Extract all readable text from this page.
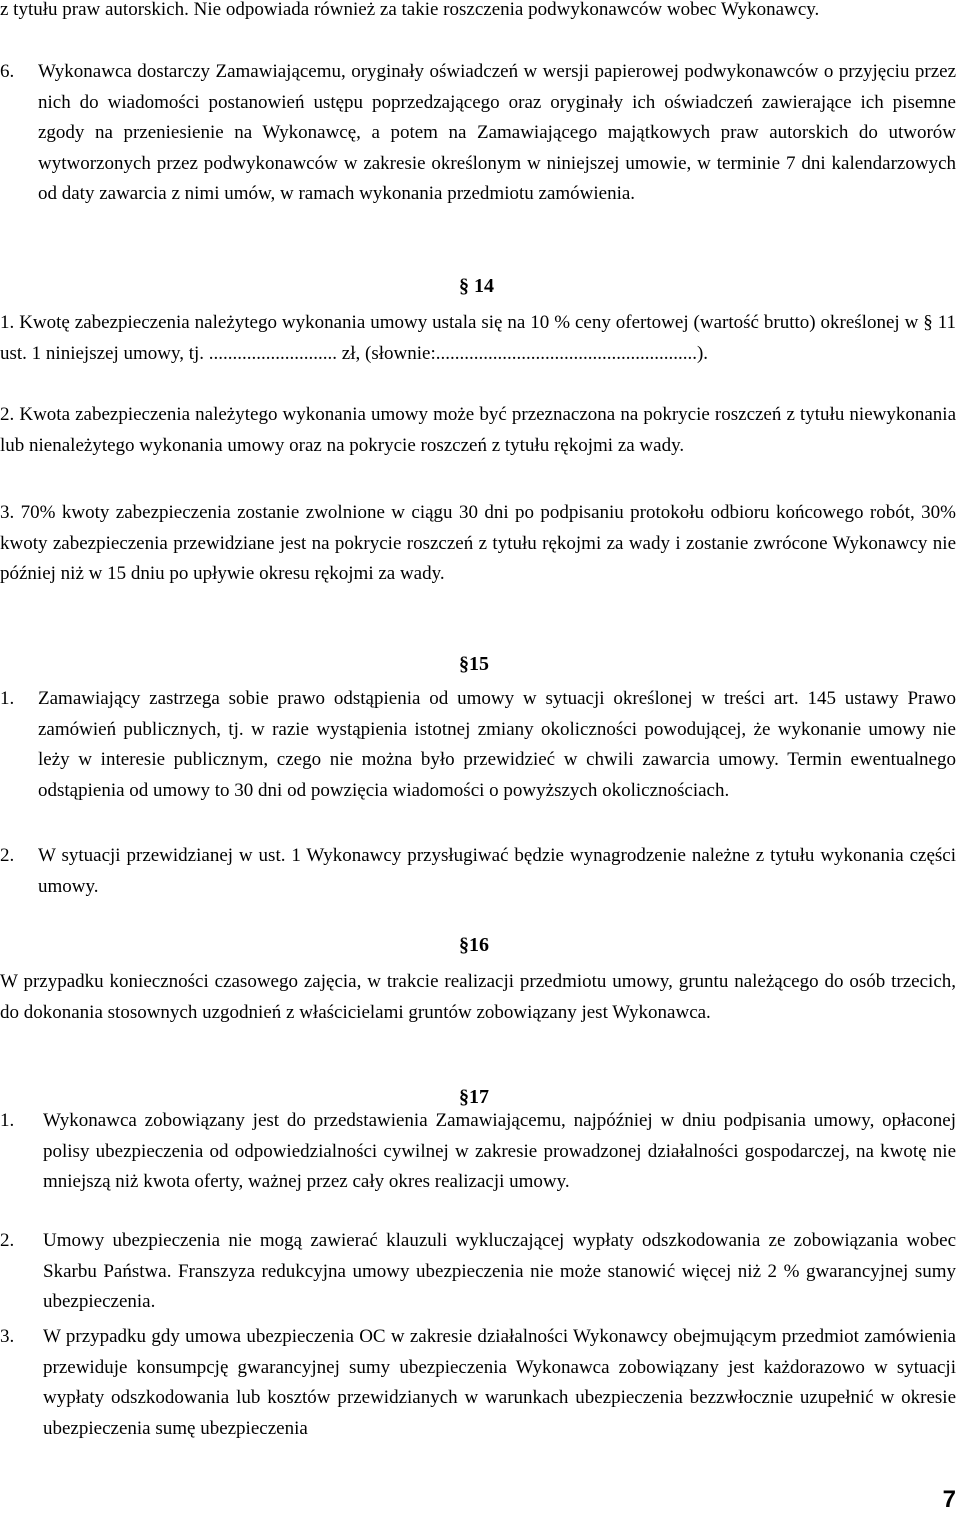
z tytułu praw autorskich. Nie odpowiada również za takie roszczenia podwykonawców wobec Wykonawcy.
6. Wykonawca dostarczy Zamawiającemu, oryginały oświadczeń w wersji papierowej podwykonawców o przyjęciu przez nich do wiadomości postanowień ustępu poprzedzającego oraz oryginały ich oświadczeń zawierające ich pisemne zgody na przeniesienie na Wykonawcę, a potem na Zamawiającego majątkowych praw autorskich do utworów wytworzonych przez podwykonawców w zakresie określonym w niniejszej umowie, w terminie 7 dni kalendarzowych od daty zawarcia z nimi umów, w ramach wykonania przedmiotu zamówienia.
§ 14
1. Kwotę zabezpieczenia należytego wykonania umowy ustala się na 10 % ceny ofertowej (wartość brutto) określonej w § 11 ust. 1 niniejszej umowy, tj. ........................... zł, (słownie:.......................................................).
2. Kwota zabezpieczenia należytego wykonania umowy może być przeznaczona na pokrycie roszczeń z tytułu niewykonania lub nienależytego wykonania umowy oraz na pokrycie roszczeń z tytułu rękojmi za wady.
3. 70% kwoty zabezpieczenia zostanie zwolnione w ciągu 30 dni po podpisaniu protokołu odbioru końcowego robót, 30% kwoty zabezpieczenia przewidziane jest na pokrycie roszczeń z tytułu rękojmi za wady i zostanie zwrócone Wykonawcy nie później niż w 15 dniu po upływie okresu rękojmi za wady.
§15
1. Zamawiający zastrzega sobie prawo odstąpienia od umowy w sytuacji określonej w treści art. 145 ustawy Prawo zamówień publicznych, tj. w razie wystąpienia istotnej zmiany okoliczności powodującej, że wykonanie umowy nie leży w interesie publicznym, czego nie można było przewidzieć w chwili zawarcia umowy. Termin ewentualnego odstąpienia od umowy to 30 dni od powzięcia wiadomości o powyższych okolicznościach.
2. W sytuacji przewidzianej w ust. 1 Wykonawcy przysługiwać będzie wynagrodzenie należne z tytułu wykonania części umowy.
§16
W przypadku konieczności czasowego zajęcia, w trakcie realizacji przedmiotu umowy, gruntu należącego do osób trzecich, do dokonania stosownych uzgodnień z właścicielami gruntów zobowiązany jest Wykonawca.
§17
1. Wykonawca zobowiązany jest do przedstawienia Zamawiającemu, najpóźniej w dniu podpisania umowy, opłaconej polisy ubezpieczenia od odpowiedzialności cywilnej w zakresie prowadzonej działalności gospodarczej, na kwotę nie mniejszą niż kwota oferty, ważnej przez cały okres realizacji umowy.
2. Umowy ubezpieczenia nie mogą zawierać klauzuli wykluczającej wypłaty odszkodowania ze zobowiązania wobec Skarbu Państwa. Franszyza redukcyjna umowy ubezpieczenia nie może stanowić więcej niż 2 % gwarancyjnej sumy ubezpieczenia.
3. W przypadku gdy umowa ubezpieczenia OC w zakresie działalności Wykonawcy obejmującym przedmiot zamówienia przewiduje konsumpcję gwarancyjnej sumy ubezpieczenia Wykonawca zobowiązany jest każdorazowo w sytuacji wypłaty odszkodowania lub kosztów przewidzianych w warunkach ubezpieczenia bezzwłocznie uzupełnić w okresie ubezpieczenia sumę ubezpieczenia
7
